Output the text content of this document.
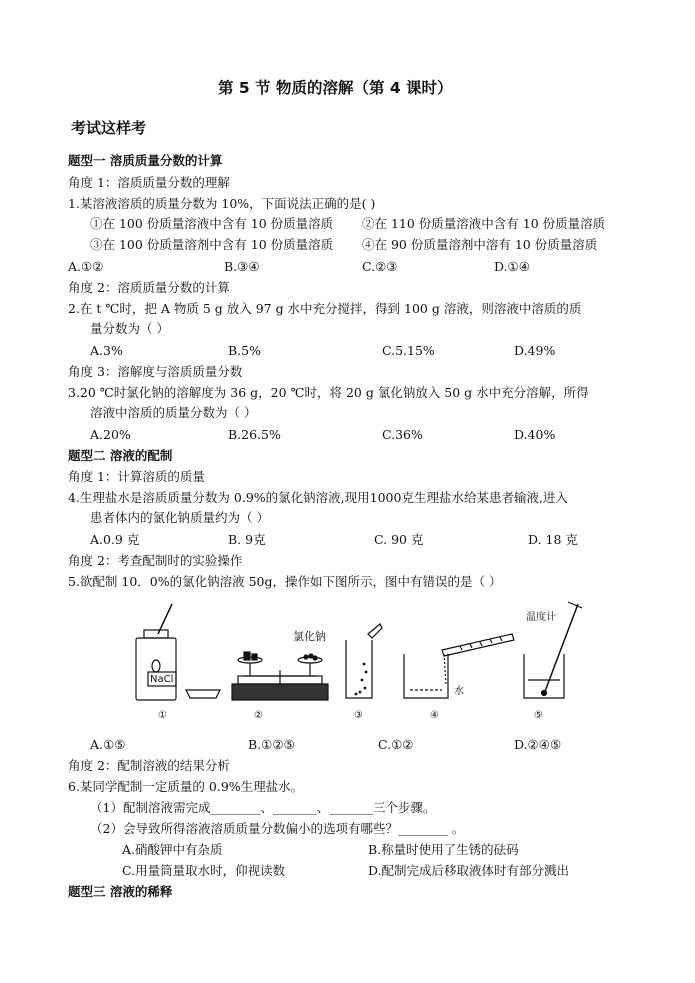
第 5 节 物质的溶解（第 4 课时）
考试这样考
题型一 溶质质量分数的计算
角度 1：溶质质量分数的理解
1.某溶液溶质的质量分数为 10%，下面说法正确的是( )
①在 100 份质量溶液中含有 10 份质量溶质 ②在 110 份质量溶液中含有 10 份质量溶质
③在 100 份质量溶剂中含有 10 份质量溶质 ④在 90 份质量溶剂中溶有 10 份质量溶质
A.①②	B.③④	C.②③	D.①④
角度 2：溶质质量分数的计算
2.在 t ℃时，把 A 物质 5 g 放入 97 g 水中充分搅拌，得到 100 g 溶液，则溶液中溶质的质
量分数为（ ）
A.3%	B.5%	C.5.15%	D.49%
角度 3：溶解度与溶质质量分数
3.20 ℃时氯化钠的溶解度为 36 g，20 ℃时，将 20 g 氯化钠放入 50 g 水中充分溶解，所得
溶液中溶质的质量分数为（ ）
A.20%	B.26.5%	C.36%	D.40%
题型二 溶液的配制
角度 1：计算溶质的质量
4.生理盐水是溶质质量分数为 0.9%的氯化钠溶液,现用1000克生理盐水给某患者输液,进入
患者体内的氯化钠质量约为（ ）
A.0.9 克	B. 9克	C. 90 克	D. 18 克
角度 2：考查配制时的实验操作
5.欲配制 10．0%的氯化钠溶液 50g，操作如下图所示，图中有错误的是（ ）
NaCl
氯化钠
水
温度计
①	②	③	④	⑤
A.①⑤	B.①②⑤	C.①②	D.②④⑤
角度 2：配制溶液的结果分析
6.某同学配制一定质量的 0.9%生理盐水。
（1）配制溶液需完成________、_______、_______三个步骤。
（2）会导致所得溶液溶质质量分数偏小的选项有哪些？________ 。
A.硝酸钾中有杂质	B.称量时使用了生锈的砝码
C.用量筒量取水时，仰视读数	D.配制完成后移取液体时有部分溅出
题型三 溶液的稀释
